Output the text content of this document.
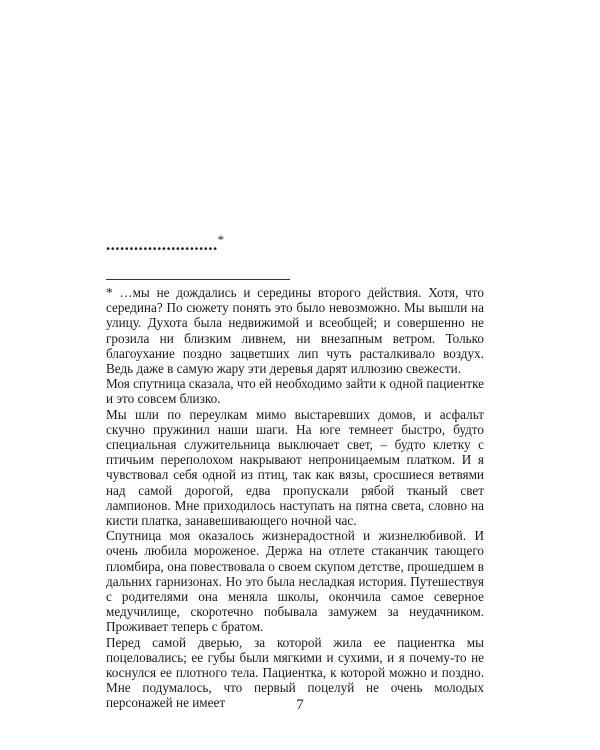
........................*

* …мы не дождались и середины второго действия. Хотя, что середина? По сюжету понять это было невозможно. Мы вышли на улицу. Духота была недвижимой и всеобщей; и совершенно не грозила ни близким ливнем, ни внезапным ветром. Только благоухание поздно зацветших лип чуть расталкивало воздух. Ведь даже в самую жару эти деревья дарят иллюзию свежести.

Моя спутница сказала, что ей необходимо зайти к одной пациентке и это совсем близко.

Мы шли по переулкам мимо выстаревших домов, и асфальт скучно пружинил наши шаги. На юге темнеет быстро, будто специальная служительница выключает свет, – будто клетку с птичьим переполохом накрывают непроницаемым платком. И я чувствовал себя одной из птиц, так как вязы, сросшиеся ветвями над самой дорогой, едва пропускали рябой тканый свет лампионов. Мне приходилось наступать на пятна света, словно на кисти платка, занавешивающего ночной час.

Спутница моя оказалось жизнерадостной и жизнелюбивой. И очень любила мороженое. Держа на отлете стаканчик тающего пломбира, она повествовала о своем скупом детстве, прошедшем в дальних гарнизонах. Но это была несладкая история. Путешествуя с родителями она меняла школы, окончила самое северное медучилище, скоротечно побывала замужем за неудачником. Проживает теперь с братом.

Перед самой дверью, за которой жила ее пациентка мы поцеловались; ее губы были мягкими и сухими, и я почему-то не коснулся ее плотного тела. Пациентка, к которой можно и поздно. Мне подумалось, что первый поцелуй не очень молодых персонажей не имеет	7
